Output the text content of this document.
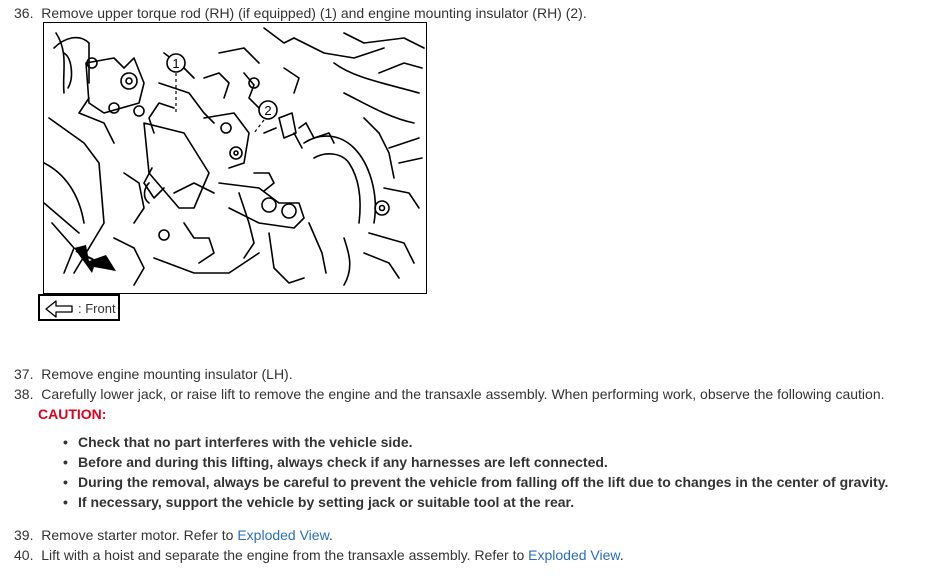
36.  Remove upper torque rod (RH) (if equipped) (1) and engine mounting insulator (RH) (2).
1
2
: Front
37.  Remove engine mounting insulator (LH).
38.  Carefully lower jack, or raise lift to remove the engine and the transaxle assembly. When performing work, observe the following caution.
CAUTION:
• Check that no part interferes with the vehicle side.
• Before and during this lifting, always check if any harnesses are left connected.
• During the removal, always be careful to prevent the vehicle from falling off the lift due to changes in the center of gravity.
• If necessary, support the vehicle by setting jack or suitable tool at the rear.
39.  Remove starter motor. Refer to Exploded View.
40.  Lift with a hoist and separate the engine from the transaxle assembly. Refer to Exploded View.
